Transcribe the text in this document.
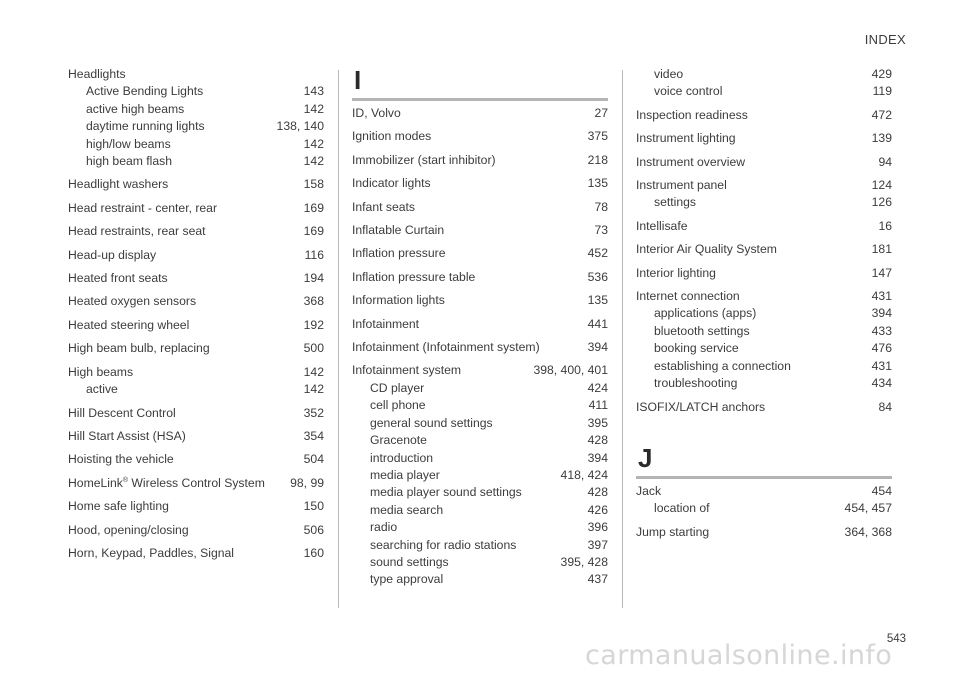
INDEX
Headlights
Active Bending Lights	143
active high beams	142
daytime running lights	138, 140
high/low beams	142
high beam flash	142
Headlight washers	158
Head restraint - center, rear	169
Head restraints, rear seat	169
Head-up display	116
Heated front seats	194
Heated oxygen sensors	368
Heated steering wheel	192
High beam bulb, replacing	500
High beams	142
active	142
Hill Descent Control	352
Hill Start Assist (HSA)	354
Hoisting the vehicle	504
HomeLink® Wireless Control System	98, 99
Home safe lighting	150
Hood, opening/closing	506
Horn, Keypad, Paddles, Signal	160
I
ID, Volvo	27
Ignition modes	375
Immobilizer (start inhibitor)	218
Indicator lights	135
Infant seats	78
Inflatable Curtain	73
Inflation pressure	452
Inflation pressure table	536
Information lights	135
Infotainment	441
Infotainment (Infotainment system)	394
Infotainment system	398, 400, 401
CD player	424
cell phone	411
general sound settings	395
Gracenote	428
introduction	394
media player	418, 424
media player sound settings	428
media search	426
radio	396
searching for radio stations	397
sound settings	395, 428
type approval	437
video	429
voice control	119
Inspection readiness	472
Instrument lighting	139
Instrument overview	94
Instrument panel	124
settings	126
Intellisafe	16
Interior Air Quality System	181
Interior lighting	147
Internet connection	431
applications (apps)	394
bluetooth settings	433
booking service	476
establishing a connection	431
troubleshooting	434
ISOFIX/LATCH anchors	84
J
Jack	454
location of	454, 457
Jump starting	364, 368
543
carmanualsonline.info
